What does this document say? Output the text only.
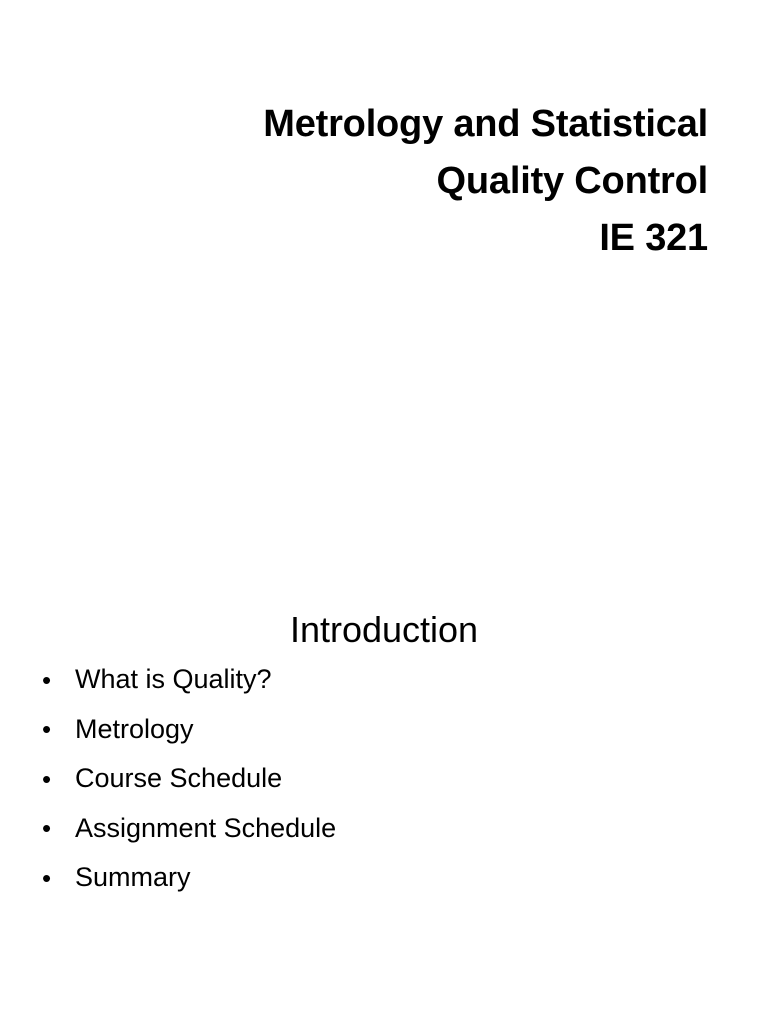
Metrology and Statistical
Quality Control
IE 321
Introduction
• What is Quality?
• Metrology
• Course Schedule
• Assignment Schedule
• Summary
